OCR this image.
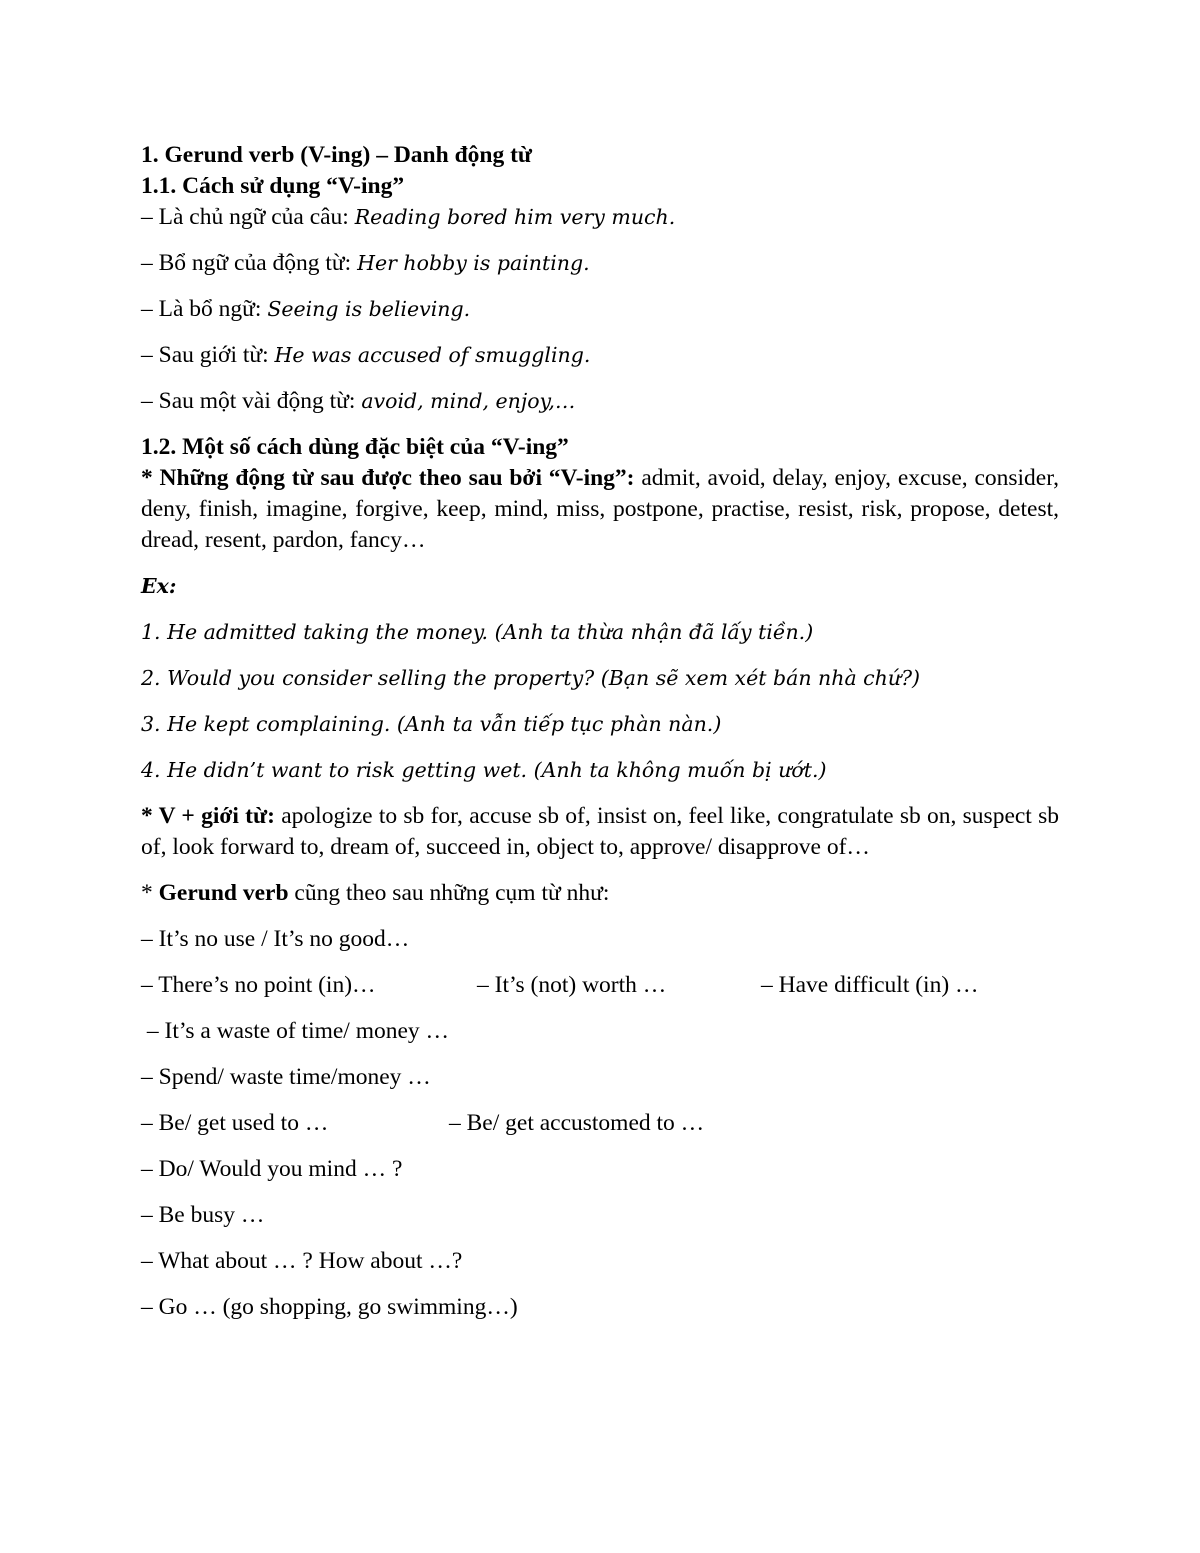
1. Gerund verb (V-ing) – Danh động từ
1.1. Cách sử dụng “V-ing”
– Là chủ ngữ của câu: Reading bored him very much.
– Bổ ngữ của động từ: Her hobby is painting.
– Là bổ ngữ: Seeing is believing.
– Sau giới từ: He was accused of smuggling.
– Sau một vài động từ: avoid, mind, enjoy,…
1.2. Một số cách dùng đặc biệt của “V-ing”
* Những động từ sau được theo sau bởi “V-ing”: admit, avoid, delay, enjoy, excuse, consider, deny, finish, imagine, forgive, keep, mind, miss, postpone, practise, resist, risk, propose, detest, dread, resent, pardon, fancy…
Ex:
1. He admitted taking the money. (Anh ta thừa nhận đã lấy tiền.)
2. Would you consider selling the property? (Bạn sẽ xem xét bán nhà chứ?)
3. He kept complaining. (Anh ta vẫn tiếp tục phàn nàn.)
4. He didn’t want to risk getting wet. (Anh ta không muốn bị ướt.)
* V + giới từ: apologize to sb for, accuse sb of, insist on, feel like, congratulate sb on, suspect sb of, look forward to, dream of, succeed in, object to, approve/ disapprove of…
* Gerund verb cũng theo sau những cụm từ như:
– It’s no use / It’s no good…
– There’s no point (in)…	– It’s (not) worth …	– Have difficult (in) …
– It’s a waste of time/ money …
– Spend/ waste time/money …
– Be/ get used to …	– Be/ get accustomed to …
– Do/ Would you mind … ?
– Be busy …
– What about … ? How about …?
– Go … (go shopping, go swimming…)
